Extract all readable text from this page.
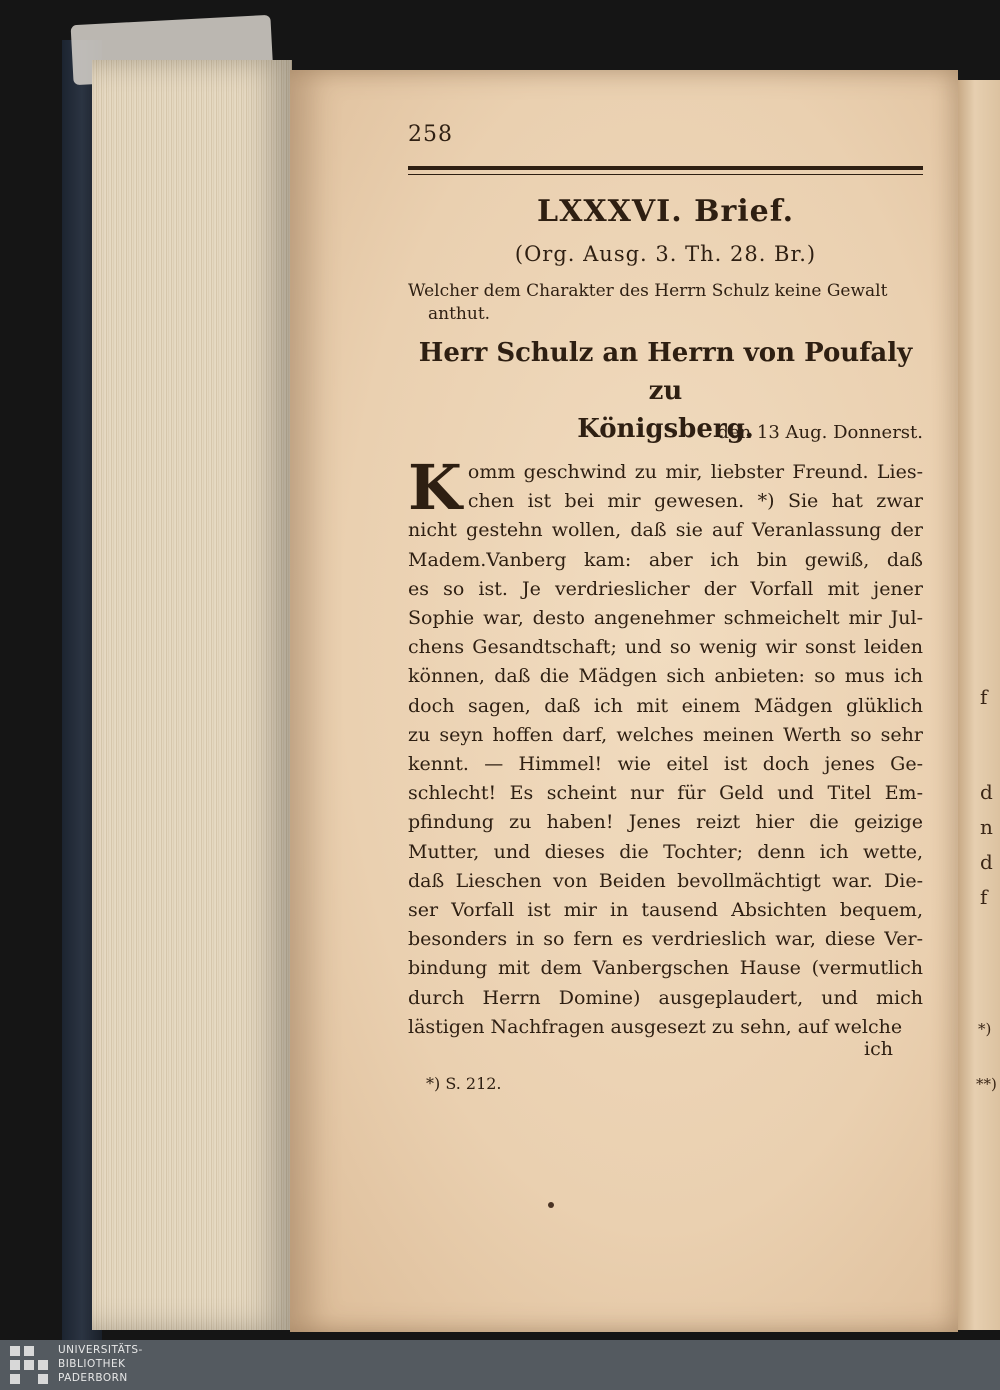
258
LXXXVI. Brief.
(Org. Ausg. 3. Th. 28. Br.)
Welcher dem Charakter des Herrn Schulz keine Gewalt
anthut.
Herr Schulz an Herrn von Poufaly zu
Königsberg.
den 13 Aug. Donnerst.
K omm geschwind zu mir, liebster Freund. Lies-
chen ist bei mir gewesen. *) Sie hat zwar
nicht gestehn wollen, daß sie auf Veranlassung der
Madem.Vanberg kam: aber ich bin gewiß, daß
es so ist. Je verdrieslicher der Vorfall mit jener
Sophie war, desto angenehmer schmeichelt mir Jul-
chens Gesandtschaft; und so wenig wir sonst leiden
können, daß die Mädgen sich anbieten: so mus ich
doch sagen, daß ich mit einem Mädgen glüklich
zu seyn hoffen darf, welches meinen Werth so sehr
kennt. — Himmel! wie eitel ist doch jenes Ge-
schlecht! Es scheint nur für Geld und Titel Em-
pfindung zu haben! Jenes reizt hier die geizige
Mutter, und dieses die Tochter; denn ich wette,
daß Lieschen von Beiden bevollmächtigt war. Die-
ser Vorfall ist mir in tausend Absichten bequem,
besonders in so fern es verdrieslich war, diese Ver-
bindung mit dem Vanbergschen Hause (vermutlich
durch Herrn Domine) ausgeplaudert, und mich
lästigen Nachfragen ausgesezt zu sehn, auf welche
ich
*) S. 212.
f
d
n
d
f
*)
**)
UNIVERSITÄTS-
BIBLIOTHEK
PADERBORN
